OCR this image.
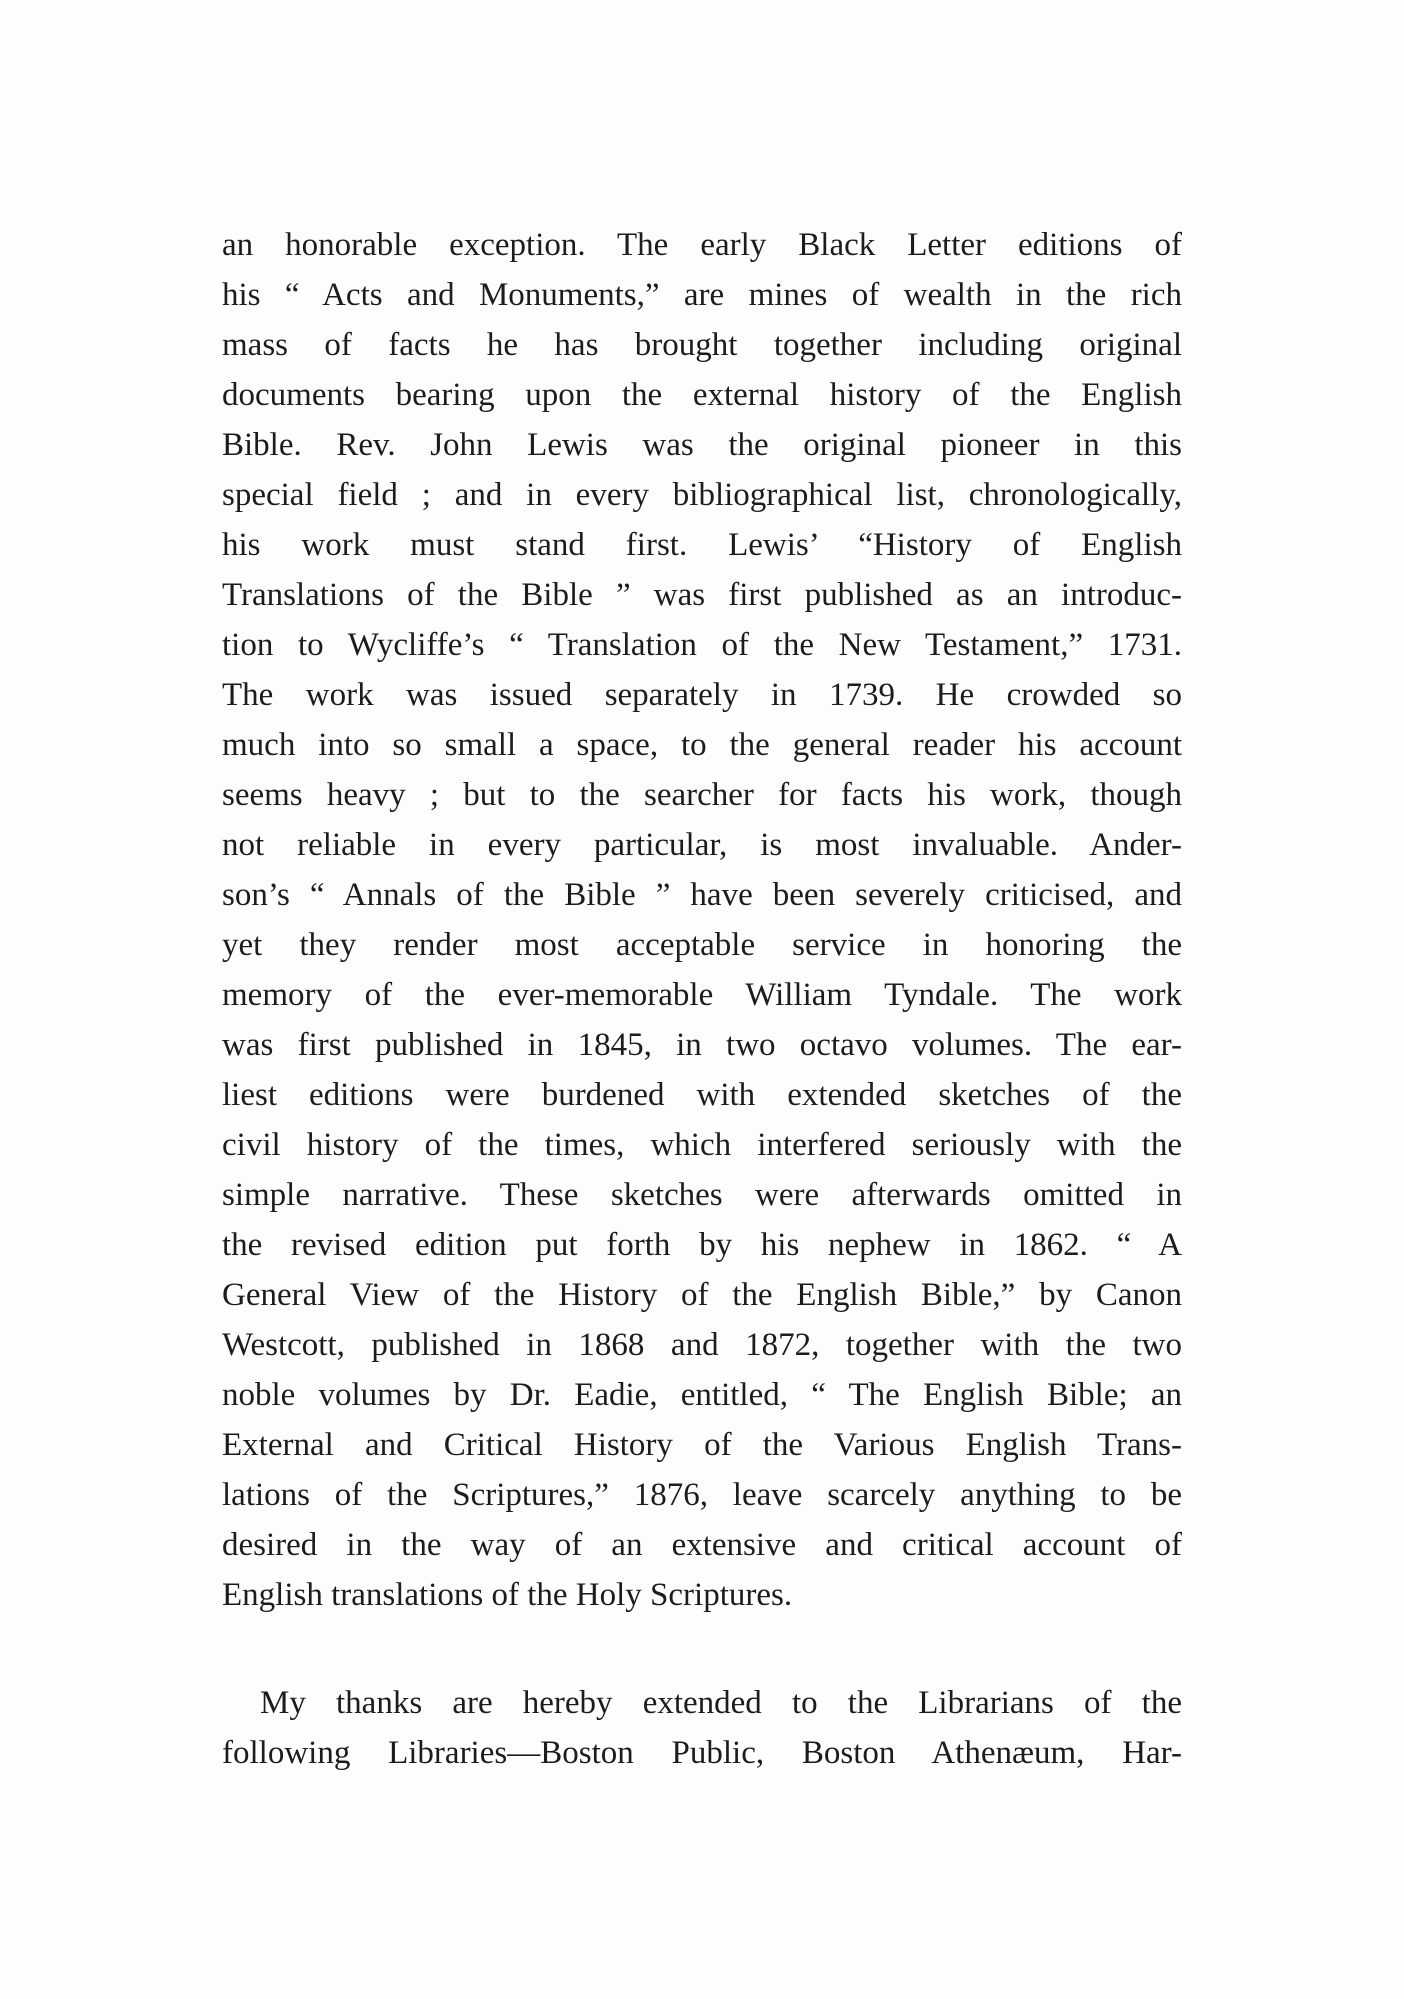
an honorable exception. The early Black Letter editions of
his “ Acts and Monuments,” are mines of wealth in the rich
mass of facts he has brought together including original
documents bearing upon the external history of the English
Bible. Rev. John Lewis was the original pioneer in this
special field ; and in every bibliographical list, chronologically,
his work must stand first. Lewis’ “History of English
Translations of the Bible ” was first published as an introduc-
tion to Wycliffe’s “ Translation of the New Testament,” 1731.
The work was issued separately in 1739. He crowded so
much into so small a space, to the general reader his account
seems heavy ; but to the searcher for facts his work, though
not reliable in every particular, is most invaluable. Ander-
son’s “ Annals of the Bible ” have been severely criticised, and
yet they render most acceptable service in honoring the
memory of the ever-memorable William Tyndale. The work
was first published in 1845, in two octavo volumes. The ear-
liest editions were burdened with extended sketches of the
civil history of the times, which interfered seriously with the
simple narrative. These sketches were afterwards omitted in
the revised edition put forth by his nephew in 1862. “ A
General View of the History of the English Bible,” by Canon
Westcott, published in 1868 and 1872, together with the two
noble volumes by Dr. Eadie, entitled, “ The English Bible; an
External and Critical History of the Various English Trans-
lations of the Scriptures,” 1876, leave scarcely anything to be
desired in the way of an extensive and critical account of
English translations of the Holy Scriptures.
My thanks are hereby extended to the Librarians of the
following Libraries—Boston Public, Boston Athenæum, Har-
